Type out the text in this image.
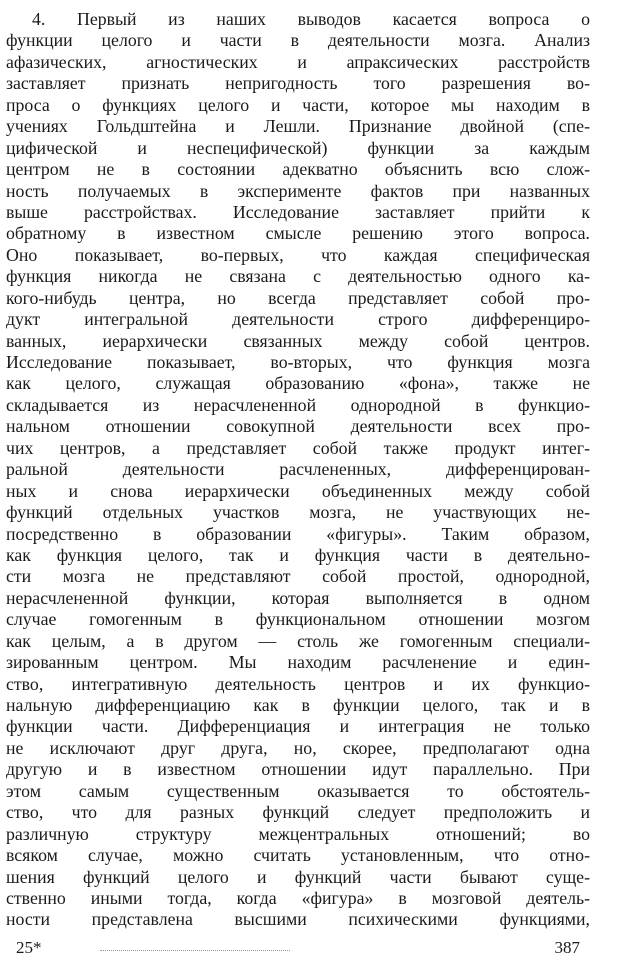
4. Первый из наших выводов касается вопроса о
функции целого и части в деятельности мозга. Анализ
афазических, агностических и апраксических расстройств
заставляет признать непригодность того разрешения во-
проса о функциях целого и части, которое мы находим в
учениях Гольдштейна и Лешли. Признание двойной (спе-
цифической и неспецифической) функции за каждым
центром не в состоянии адекватно объяснить всю слож-
ность получаемых в эксперименте фактов при названных
выше расстройствах. Исследование заставляет прийти к
обратному в известном смысле решению этого вопроса.
Оно показывает, во-первых, что каждая специфическая
функция никогда не связана с деятельностью одного ка-
кого-нибудь центра, но всегда представляет собой про-
дукт интегральной деятельности строго дифференциро-
ванных, иерархически связанных между собой центров.
Исследование показывает, во-вторых, что функция мозга
как целого, служащая образованию «фона», также не
складывается из нерасчлененной однородной в функцио-
нальном отношении совокупной деятельности всех про-
чих центров, а представляет собой также продукт интег-
ральной деятельности расчлененных, дифференцирован-
ных и снова иерархически объединенных между собой
функций отдельных участков мозга, не участвующих не-
посредственно в образовании «фигуры». Таким образом,
как функция целого, так и функция части в деятельно-
сти мозга не представляют собой простой, однородной,
нерасчлененной функции, которая выполняется в одном
случае гомогенным в функциональном отношении мозгом
как целым, а в другом — столь же гомогенным специали-
зированным центром. Мы находим расчленение и един-
ство, интегративную деятельность центров и их функцио-
нальную дифференциацию как в функции целого, так и в
функции части. Дифференциация и интеграция не только
не исключают друг друга, но, скорее, предполагают одна
другую и в известном отношении идут параллельно. При
этом самым существенным оказывается то обстоятель-
ство, что для разных функций следует предположить и
различную структуру межцентральных отношений; во
всяком случае, можно считать установленным, что отно-
шения функций целого и функций части бывают суще-
ственно иными тогда, когда «фигура» в мозговой деятель-
ности представлена высшими психическими функциями,
25*	387
